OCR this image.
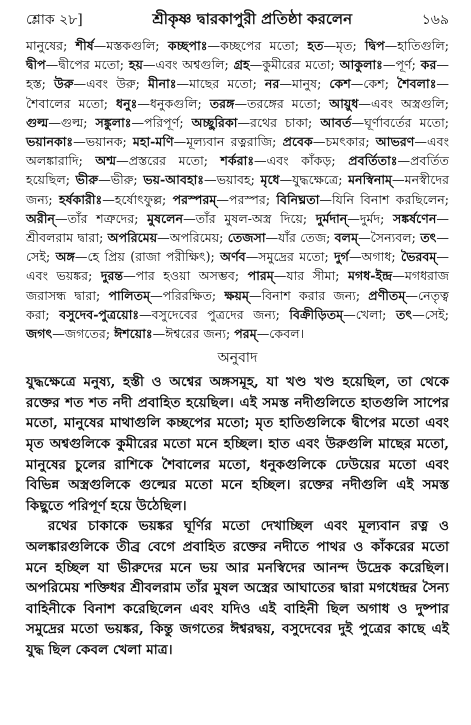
শ্লোক ২৮]	শ্রীকৃষ্ণ দ্বারকাপুরী প্রতিষ্ঠা করলেন	১৬৯

মানুষের; শীর্ষ—মস্তকগুলি; কচ্ছপাঃ—কচ্ছপের মতো; হত—মৃত; দ্বিপ—হাতিগুলি; দ্বীপ—দ্বীপের মতো; হয়—এবং অশ্বগুলি; গ্রহ—কুমীরের মতো; আকুলাঃ—পূর্ণ; কর—হস্ত; উরু—এবং উরু; মীনাঃ—মাছের মতো; নর—মানুষ; কেশ—কেশ; শৈবলাঃ—শৈবালের মতো; ধনুঃ—ধনুকগুলি; তরঙ্গ—তরঙ্গের মতো; আয়ুধ—এবং অস্ত্রগুলি; গুল্ম—গুল্ম; সঙ্কুলাঃ—পরিপূর্ণ; অচ্ছুরিকা—রথের চাকা; আবর্ত—ঘূর্ণাবর্তের মতো; ভয়ানকাঃ—ভয়ানক; মহা-মণি—মূল্যবান রত্নরাজি; প্রবেক—চমৎকার; আভরণ—এবং অলঙ্কারাদি; অশ্ম—প্রস্তরের মতো; শর্করাঃ—এবং কাঁকড়; প্রবর্তিতাঃ—প্রবর্তিত হয়েছিল; ভীরু—ভীরু; ভয়-আবহাঃ—ভয়াবহ; মৃধে—যুদ্ধক্ষেত্রে; মনস্বিনাম্—মনস্বীদের জন্য; হর্ষকারীঃ—হর্ষোৎফুল্ল; পরস্পরম্—পরস্পর; বিনিঘ্নতা—যিনি বিনাশ করছিলেন; অরীন্—তাঁর শত্রুদের; মুষলেন—তাঁর মুষল-অস্ত্র দিয়ে; দুর্মদান্—দুর্মদ; সঙ্কর্ষণেন—শ্রীবলরাম দ্বারা; অপরিমেয়—অপরিমেয়; তেজসা—যাঁর তেজ; বলম্—সৈন্যবল; তৎ—সেই; অঙ্গ—হে প্রিয় (রাজা পরীক্ষিৎ); অর্ণব—সমুদ্রের মতো; দুর্গ—অগাধ; ভৈরবম্—এবং ভয়ঙ্কর; দুরন্ত—পার হওয়া অসম্ভব; পারম্—যার সীমা; মগধ-ইন্দ্র—মগধরাজ জরাসন্ধ দ্বারা; পালিতম্—পরিরক্ষিত; ক্ষয়ম্—বিনাশ করার জন্য; প্রণীতম্—নেতৃত্ব করা; বসুদেব-পুত্রয়োঃ—বসুদেবের পুত্রদের জন্য; বিক্রীড়িতম্—খেলা; তৎ—সেই; জগৎ—জগতের; ঈশয়োঃ—ঈশ্বরের জন্য; পরম্—কেবল।

অনুবাদ

যুদ্ধক্ষেত্রে মনুষ্য, হস্তী ও অশ্বের অঙ্গসমূহ, যা খণ্ড খণ্ড হয়েছিল, তা থেকে রক্তের শত শত নদী প্রবাহিত হয়েছিল। এই সমস্ত নদীগুলিতে হাতগুলি সাপের মতো, মানুষের মাথাগুলি কচ্ছপের মতো; মৃত হাতিগুলিকে দ্বীপের মতো এবং মৃত অশ্বগুলিকে কুমীরের মতো মনে হচ্ছিল। হাত এবং উরুগুলি মাছের মতো, মানুষের চুলের রাশিকে শৈবালের মতো, ধনুকগুলিকে ঢেউয়ের মতো এবং বিভিন্ন অস্ত্রগুলিকে গুল্মের মতো মনে হচ্ছিল। রক্তের নদীগুলি এই সমস্ত কিছুতে পরিপূর্ণ হয়ে উঠেছিল।

রথের চাকাকে ভয়ঙ্কর ঘূর্ণির মতো দেখাচ্ছিল এবং মূল্যবান রত্ন ও অলঙ্কারগুলিকে তীব্র বেগে প্রবাহিত রক্তের নদীতে পাথর ও কাঁকরের মতো মনে হচ্ছিল যা ভীরুদের মনে ভয় আর মনস্বিদের আনন্দ উদ্রেক করেছিল। অপরিমেয় শক্তিধর শ্রীবলরাম তাঁর মুষল অস্ত্রের আঘাতের দ্বারা মগধেন্দ্রর সৈন্য বাহিনীকে বিনাশ করেছিলেন এবং যদিও এই বাহিনী ছিল অগাধ ও দুষ্পার সমুদ্রের মতো ভয়ঙ্কর, কিন্তু জগতের ঈশ্বরদ্বয়, বসুদেবের দুই পুত্রের কাছে এই যুদ্ধ ছিল কেবল খেলা মাত্র।
